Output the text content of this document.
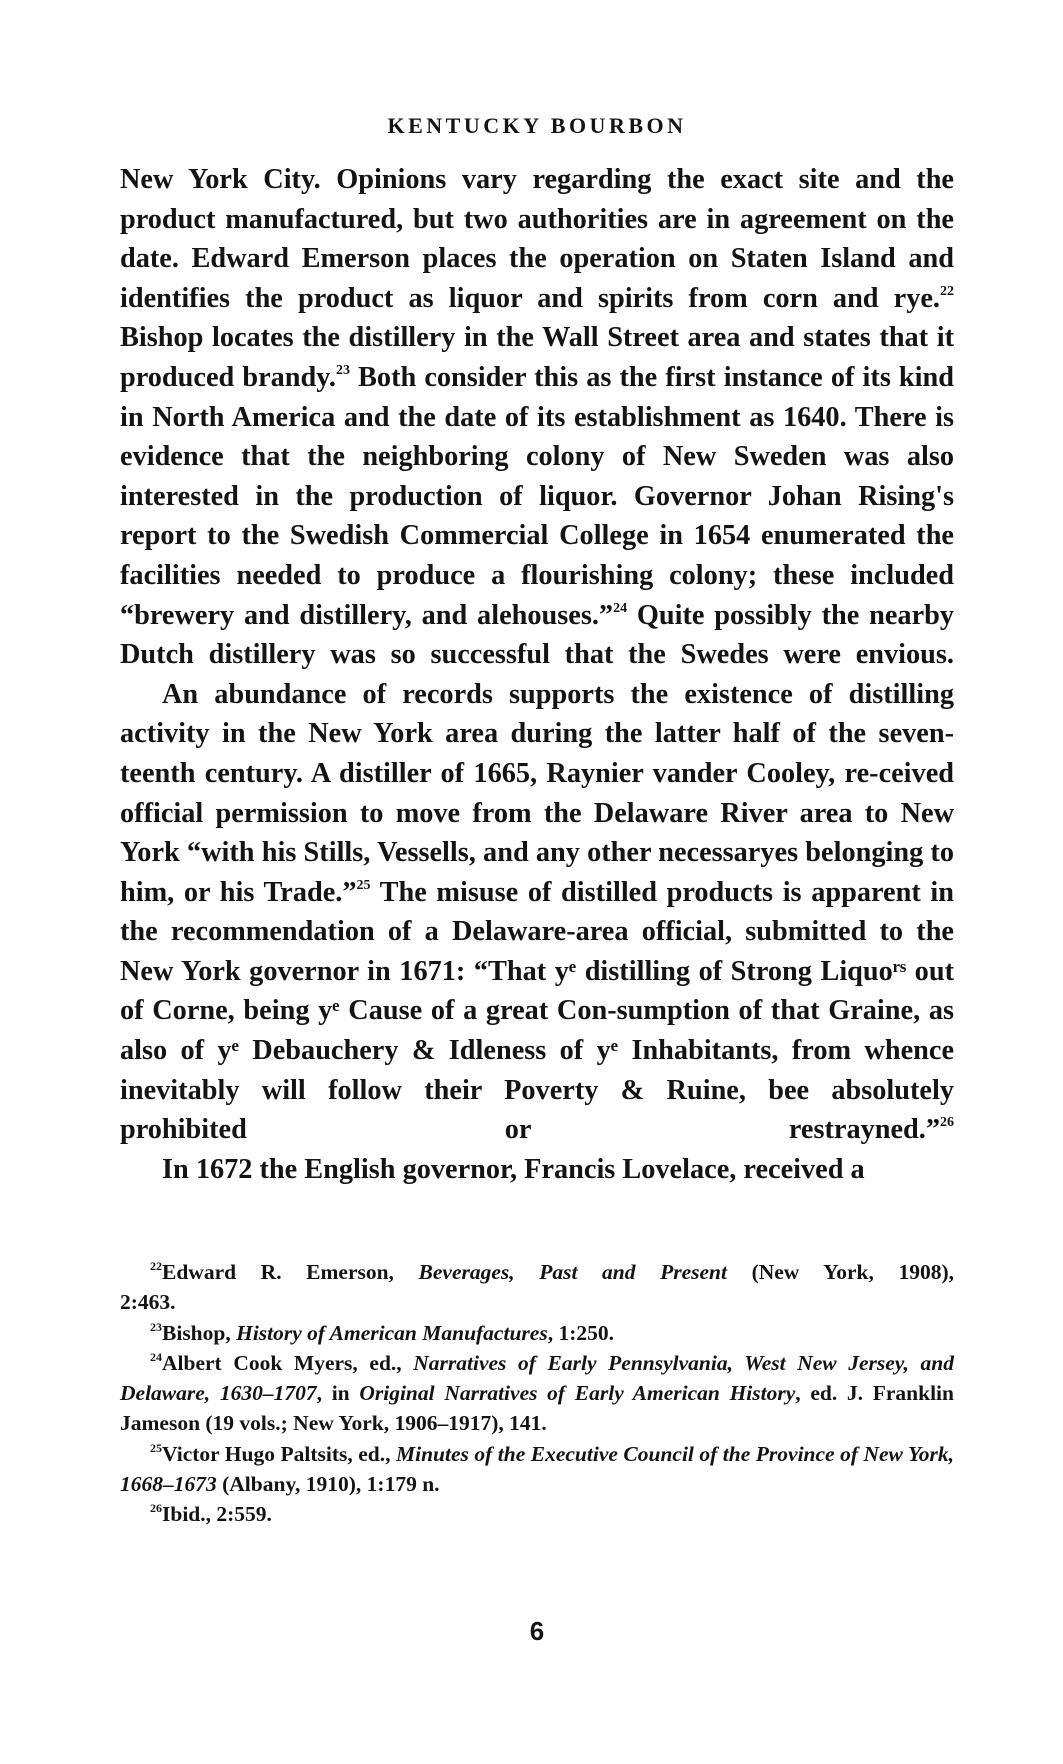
KENTUCKY BOURBON

New York City. Opinions vary regarding the exact site and the product manufactured, but two authorities are in agreement on the date. Edward Emerson places the operation on Staten Island and identifies the product as liquor and spirits from corn and rye.$^{22}$ Bishop locates the distillery in the Wall Street area and states that it produced brandy.$^{23}$ Both consider this as the first instance of its kind in North America and the date of its establishment as 1640. There is evidence that the neighboring colony of New Sweden was also interested in the production of liquor. Governor Johan Rising's report to the Swedish Commercial College in 1654 enumerated the facilities needed to produce a flourishing colony; these included “brewery and distillery, and alehouses.”$^{24}$ Quite possibly the nearby Dutch distillery was so successful that the Swedes were envious.

An abundance of records supports the existence of distilling activity in the New York area during the latter half of the seven-teenth century. A distiller of 1665, Raynier vander Cooley, re-ceived official permission to move from the Delaware River area to New York “with his Stills, Vessells, and any other necessaryes belonging to him, or his Trade.”$^{25}$ The misuse of distilled products is apparent in the recommendation of a Delaware-area official, submitted to the New York governor in 1671: “That yᵉ distilling of Strong Liquoʳˢ out of Corne, being yᵉ Cause of a great Con-sumption of that Graine, as also of yᵉ Debauchery & Idleness of yᵉ Inhabitants, from whence inevitably will follow their Poverty & Ruine, bee absolutely prohibited or restrayned.”$^{26}$

In 1672 the English governor, Francis Lovelace, received a

$^{22}$Edward R. Emerson, Beverages, Past and Present (New York, 1908),

2:463.

$^{23}$Bishop, History of American Manufactures, 1:250.

$^{24}$Albert Cook Myers, ed., Narratives of Early Pennsylvania, West New Jersey, and Delaware, 1630–1707, in Original Narratives of Early American History, ed. J. Franklin Jameson (19 vols.; New York, 1906–1917), 141.

$^{25}$Victor Hugo Paltsits, ed., Minutes of the Executive Council of the Province of New York, 1668–1673 (Albany, 1910), 1:179 n.

$^{26}$Ibid., 2:559.

6
